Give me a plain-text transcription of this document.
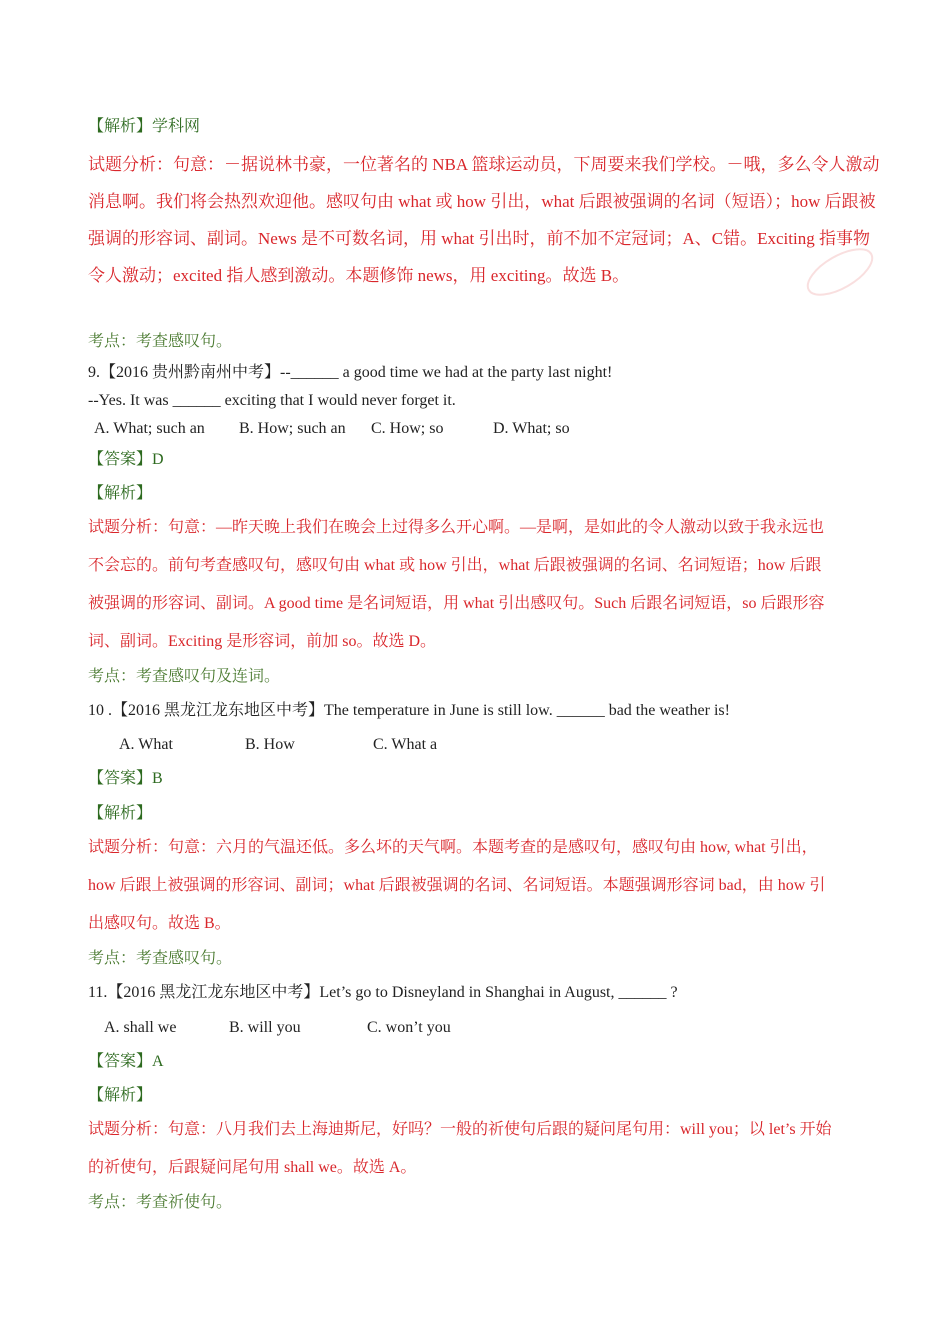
【解析】学科网
试题分析：句意：－据说林书豪，一位著名的 NBA 篮球运动员，下周要来我们学校。－哦，多么令人激动
消息啊。我们将会热烈欢迎他。感叹句由 what 或 how 引出，what 后跟被强调的名词（短语）；how 后跟被
强调的形容词、副词。News 是不可数名词，用 what 引出时，前不加不定冠词；A、C错。Exciting 指事物
令人激动；excited 指人感到激动。本题修饰 news，用 exciting。故选 B。
考点：考查感叹句。
9.【2016 贵州黔南州中考】--______ a good time we had at the party last night!
--Yes. It was ______ exciting that I would never forget it.
A. What; such an B. How; such an C. How; so	D. What; so
【答案】D
【解析】
试题分析：句意：—昨天晚上我们在晚会上过得多么开心啊。—是啊，是如此的令人激动以致于我永远也
不会忘的。前句考查感叹句，感叹句由 what 或 how 引出，what 后跟被强调的名词、名词短语；how 后跟
被强调的形容词、副词。A good time 是名词短语，用 what 引出感叹句。Such 后跟名词短语，so 后跟形容
词、副词。Exciting 是形容词，前加 so。故选 D。
考点：考查感叹句及连词。
10 .【2016 黑龙江龙东地区中考】The temperature in June is still low. ______ bad the weather is!
A. What	B. How	C. What a
【答案】B
【解析】
试题分析：句意：六月的气温还低。多么坏的天气啊。本题考查的是感叹句，感叹句由 how, what 引出，
how 后跟上被强调的形容词、副词；what 后跟被强调的名词、名词短语。本题强调形容词 bad，由 how 引
出感叹句。故选 B。
考点：考查感叹句。
11.【2016 黑龙江龙东地区中考】Let’s go to Disneyland in Shanghai in August, ______ ?
A. shall we	B. will you	C. won’t you
【答案】A
【解析】
试题分析：句意：八月我们去上海迪斯尼，好吗？一般的祈使句后跟的疑问尾句用：will you；以 let’s 开始
的祈使句，后跟疑问尾句用 shall we。故选 A。
考点：考查祈使句。
